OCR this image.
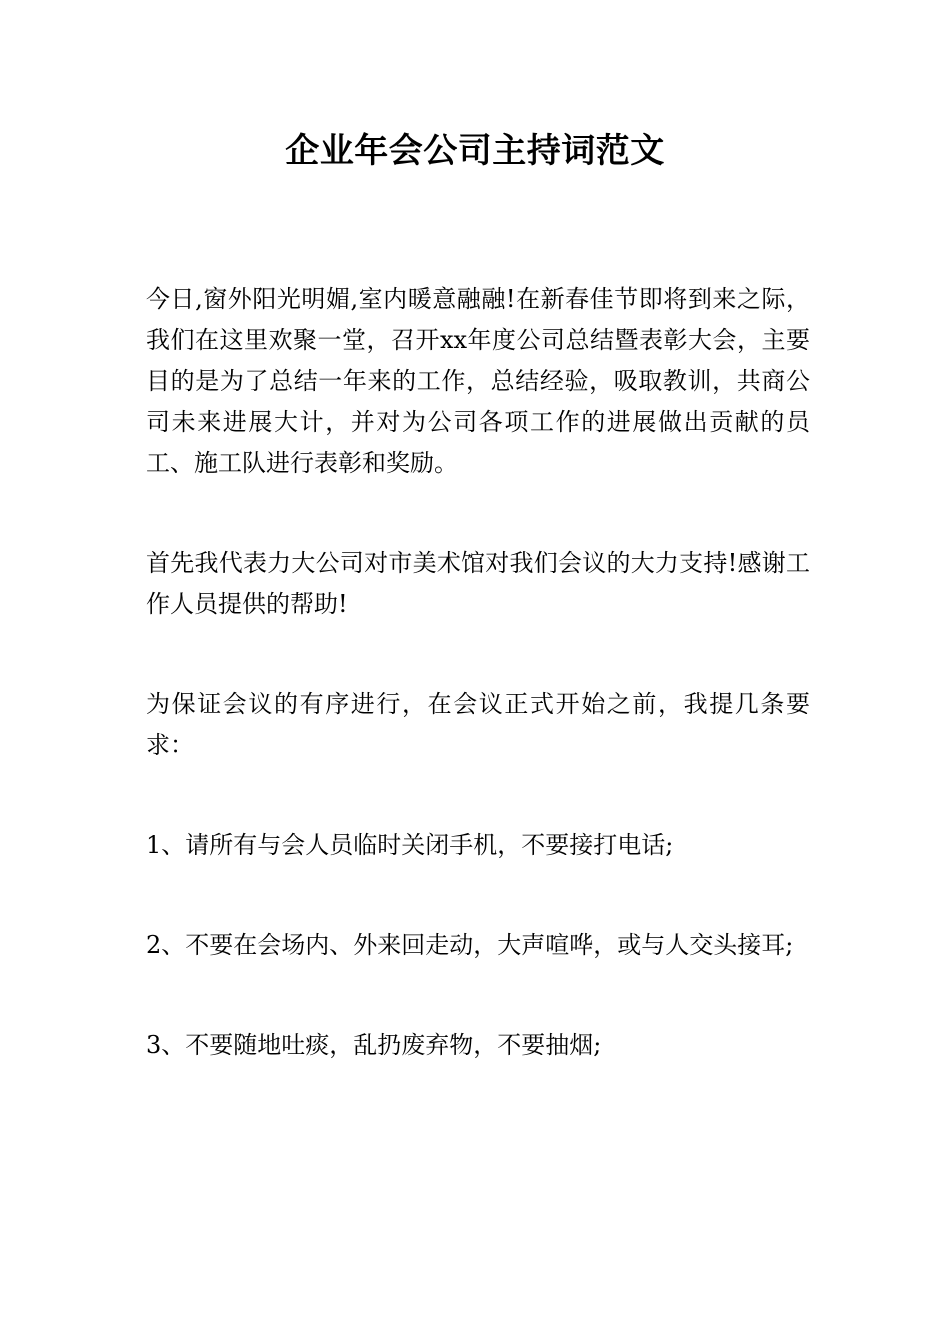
企业年会公司主持词范文

今日,窗外阳光明媚,室内暖意融融!在新春佳节即将到来之际，我们在这里欢聚一堂，召开xx年度公司总结暨表彰大会，主要目的是为了总结一年来的工作，总结经验，吸取教训，共商公司未来进展大计，并对为公司各项工作的进展做出贡献的员工、施工队进行表彰和奖励。

首先我代表力大公司对市美术馆对我们会议的大力支持!感谢工作人员提供的帮助!

为保证会议的有序进行，在会议正式开始之前，我提几条要求：

1、请所有与会人员临时关闭手机，不要接打电话;

2、不要在会场内、外来回走动，大声喧哗，或与人交头接耳;

3、不要随地吐痰，乱扔废弃物，不要抽烟;
